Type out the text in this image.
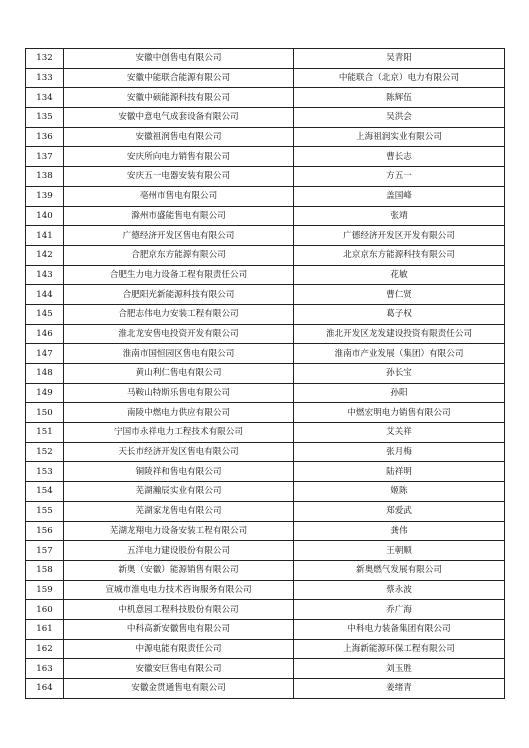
132	安徽中创售电有限公司	吴青阳
133	安徽中能联合能源有限公司	中能联合（北京）电力有限公司
134	安徽中硕能源科技有限公司	陈辉伍
135	安徽中意电气成套设备有限公司	吴洪会
136	安徽祖润售电有限公司	上海祖润实业有限公司
137	安庆所向电力销售有限公司	曹长志
138	安庆五一电器安装有限公司	方五一
139	亳州市售电有限公司	盖国峰
140	滁州市盛能售电有限公司	张靖
141	广德经济开发区售电有限公司	广德经济开发区开发有限公司
142	合肥京东方能源有限公司	北京京东方能源科技有限公司
143	合肥生力电力设备工程有限责任公司	花敏
144	合肥阳光新能源科技有限公司	曹仁贤
145	合肥志伟电力安装工程有限公司	葛子权
146	淮北龙安售电投资开发有限公司	淮北开发区龙发建设投资有限责任公司
147	淮南市国恒园区售电有限公司	淮南市产业发展（集团）有限公司
148	黄山利仁售电有限公司	孙长宝
149	马鞍山特斯乐售电有限公司	孙阳
150	南陵中燃电力供应有限公司	中燃宏明电力销售有限公司
151	宁国市永祥电力工程技术有限公司	艾关祥
152	天长市经济开发区售电有限公司	张月梅
153	铜陵祥和售电有限公司	陆祥明
154	芜湖瀚辰实业有限公司	姬陈
155	芜湖家龙售电有限公司	郑爱武
156	芜湖龙翔电力设备安装工程有限公司	龚伟
157	五洋电力建设股份有限公司	王朝顺
158	新奥（安徽）能源销售有限公司	新奥燃气发展有限公司
159	宣城市淮电电力技术咨询服务有限公司	蔡永波
160	中机意园工程科技股份有限公司	乔广海
161	中科高新安徽售电有限公司	中科电力装备集团有限公司
162	中源电能有限责任公司	上海新能源环保工程有限公司
163	安徽安巨售电有限公司	刘玉胜
164	安徽金贯通售电有限公司	姜绪青
